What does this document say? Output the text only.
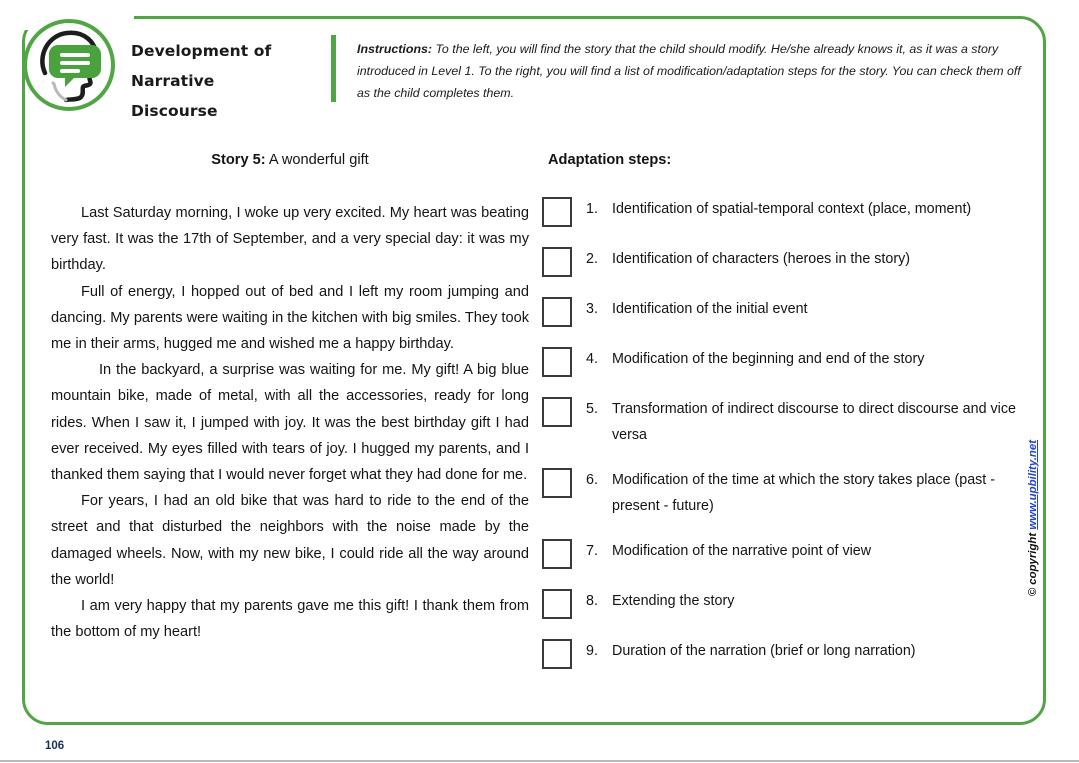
Development of Narrative
Discourse
Instructions: To the left, you will find the story that the child should modify. He/she already knows it, as it was a story introduced in Level 1. To the right, you will find a list of modification/adaptation steps for the story. You can check them off as the child completes them.
Story 5: A wonderful gift

Last Saturday morning, I woke up very excited. My heart was beating very fast. It was the 17th of September, and a very special day: it was my birthday.

Full of energy, I hopped out of bed and I left my room jumping and dancing. My parents were waiting in the kitchen with big smiles. They took me in their arms, hugged me and wished me a happy birthday.

In the backyard, a surprise was waiting for me. My gift! A big blue mountain bike, made of metal, with all the accessories, ready for long rides. When I saw it, I jumped with joy. It was the best birthday gift I had ever received. My eyes filled with tears of joy. I hugged my parents, and I thanked them saying that I would never forget what they had done for me.

For years, I had an old bike that was hard to ride to the end of the street and that disturbed the neighbors with the noise made by the damaged wheels. Now, with my new bike, I could ride all the way around the world!

I am very happy that my parents gave me this gift! I thank them from the bottom of my heart!

Adaptation steps:
1. Identification of spatial-temporal context (place, moment)
2. Identification of characters (heroes in the story)
3. Identification of the initial event
4. Modification of the beginning and end of the story
5. Transformation of indirect discourse to direct discourse and vice versa
6. Modification of the time at which the story takes place (past - present - future)
7. Modification of the narrative point of view
8. Extending the story
9. Duration of the narration (brief or long narration)
© copyright www.upbility.net
106
